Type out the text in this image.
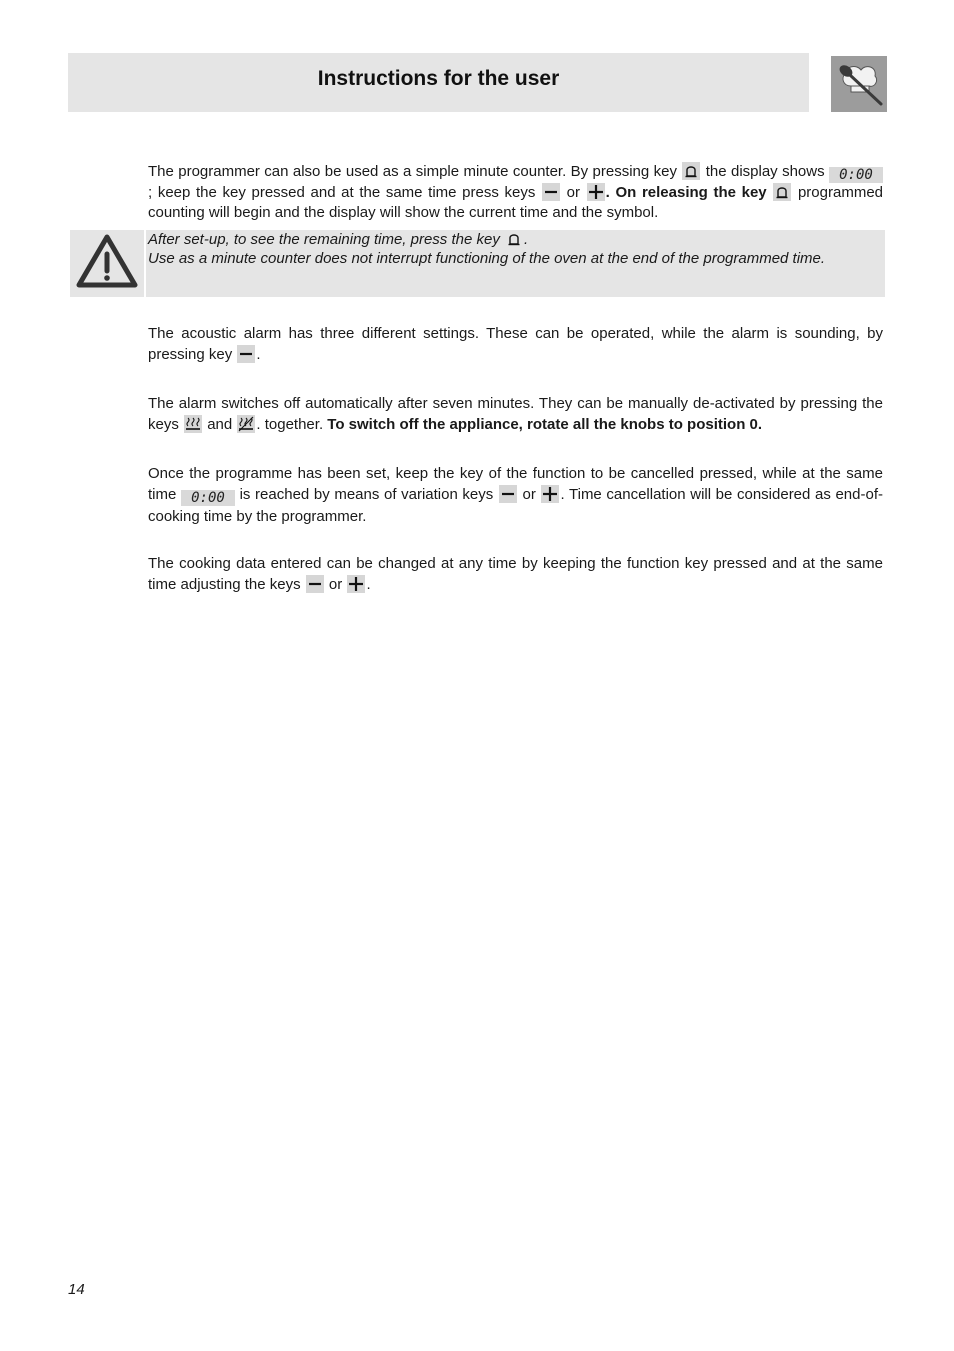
Instructions for the user

The programmer can also be used as a simple minute counter. By pressing key the display shows 0:00 ; keep the key pressed and at the same time press keys or . On releasing the key programmed counting will begin and the display will show the current time and the symbol.

After set-up, to see the remaining time, press the key .
Use as a minute counter does not interrupt functioning of the oven at the end of the programmed time.

The acoustic alarm has three different settings. These can be operated, while the alarm is sounding, by pressing key .

The alarm switches off automatically after seven minutes. They can be manually de-activated by pressing the keys and . together. To switch off the appliance, rotate all the knobs to position 0.

Once the programme has been set, keep the key of the function to be cancelled pressed, while at the same time 0:00 is reached by means of variation keys or . Time cancellation will be considered as end-of-cooking time by the programmer.

The cooking data entered can be changed at any time by keeping the function key pressed and at the same time adjusting the keys or .

14
